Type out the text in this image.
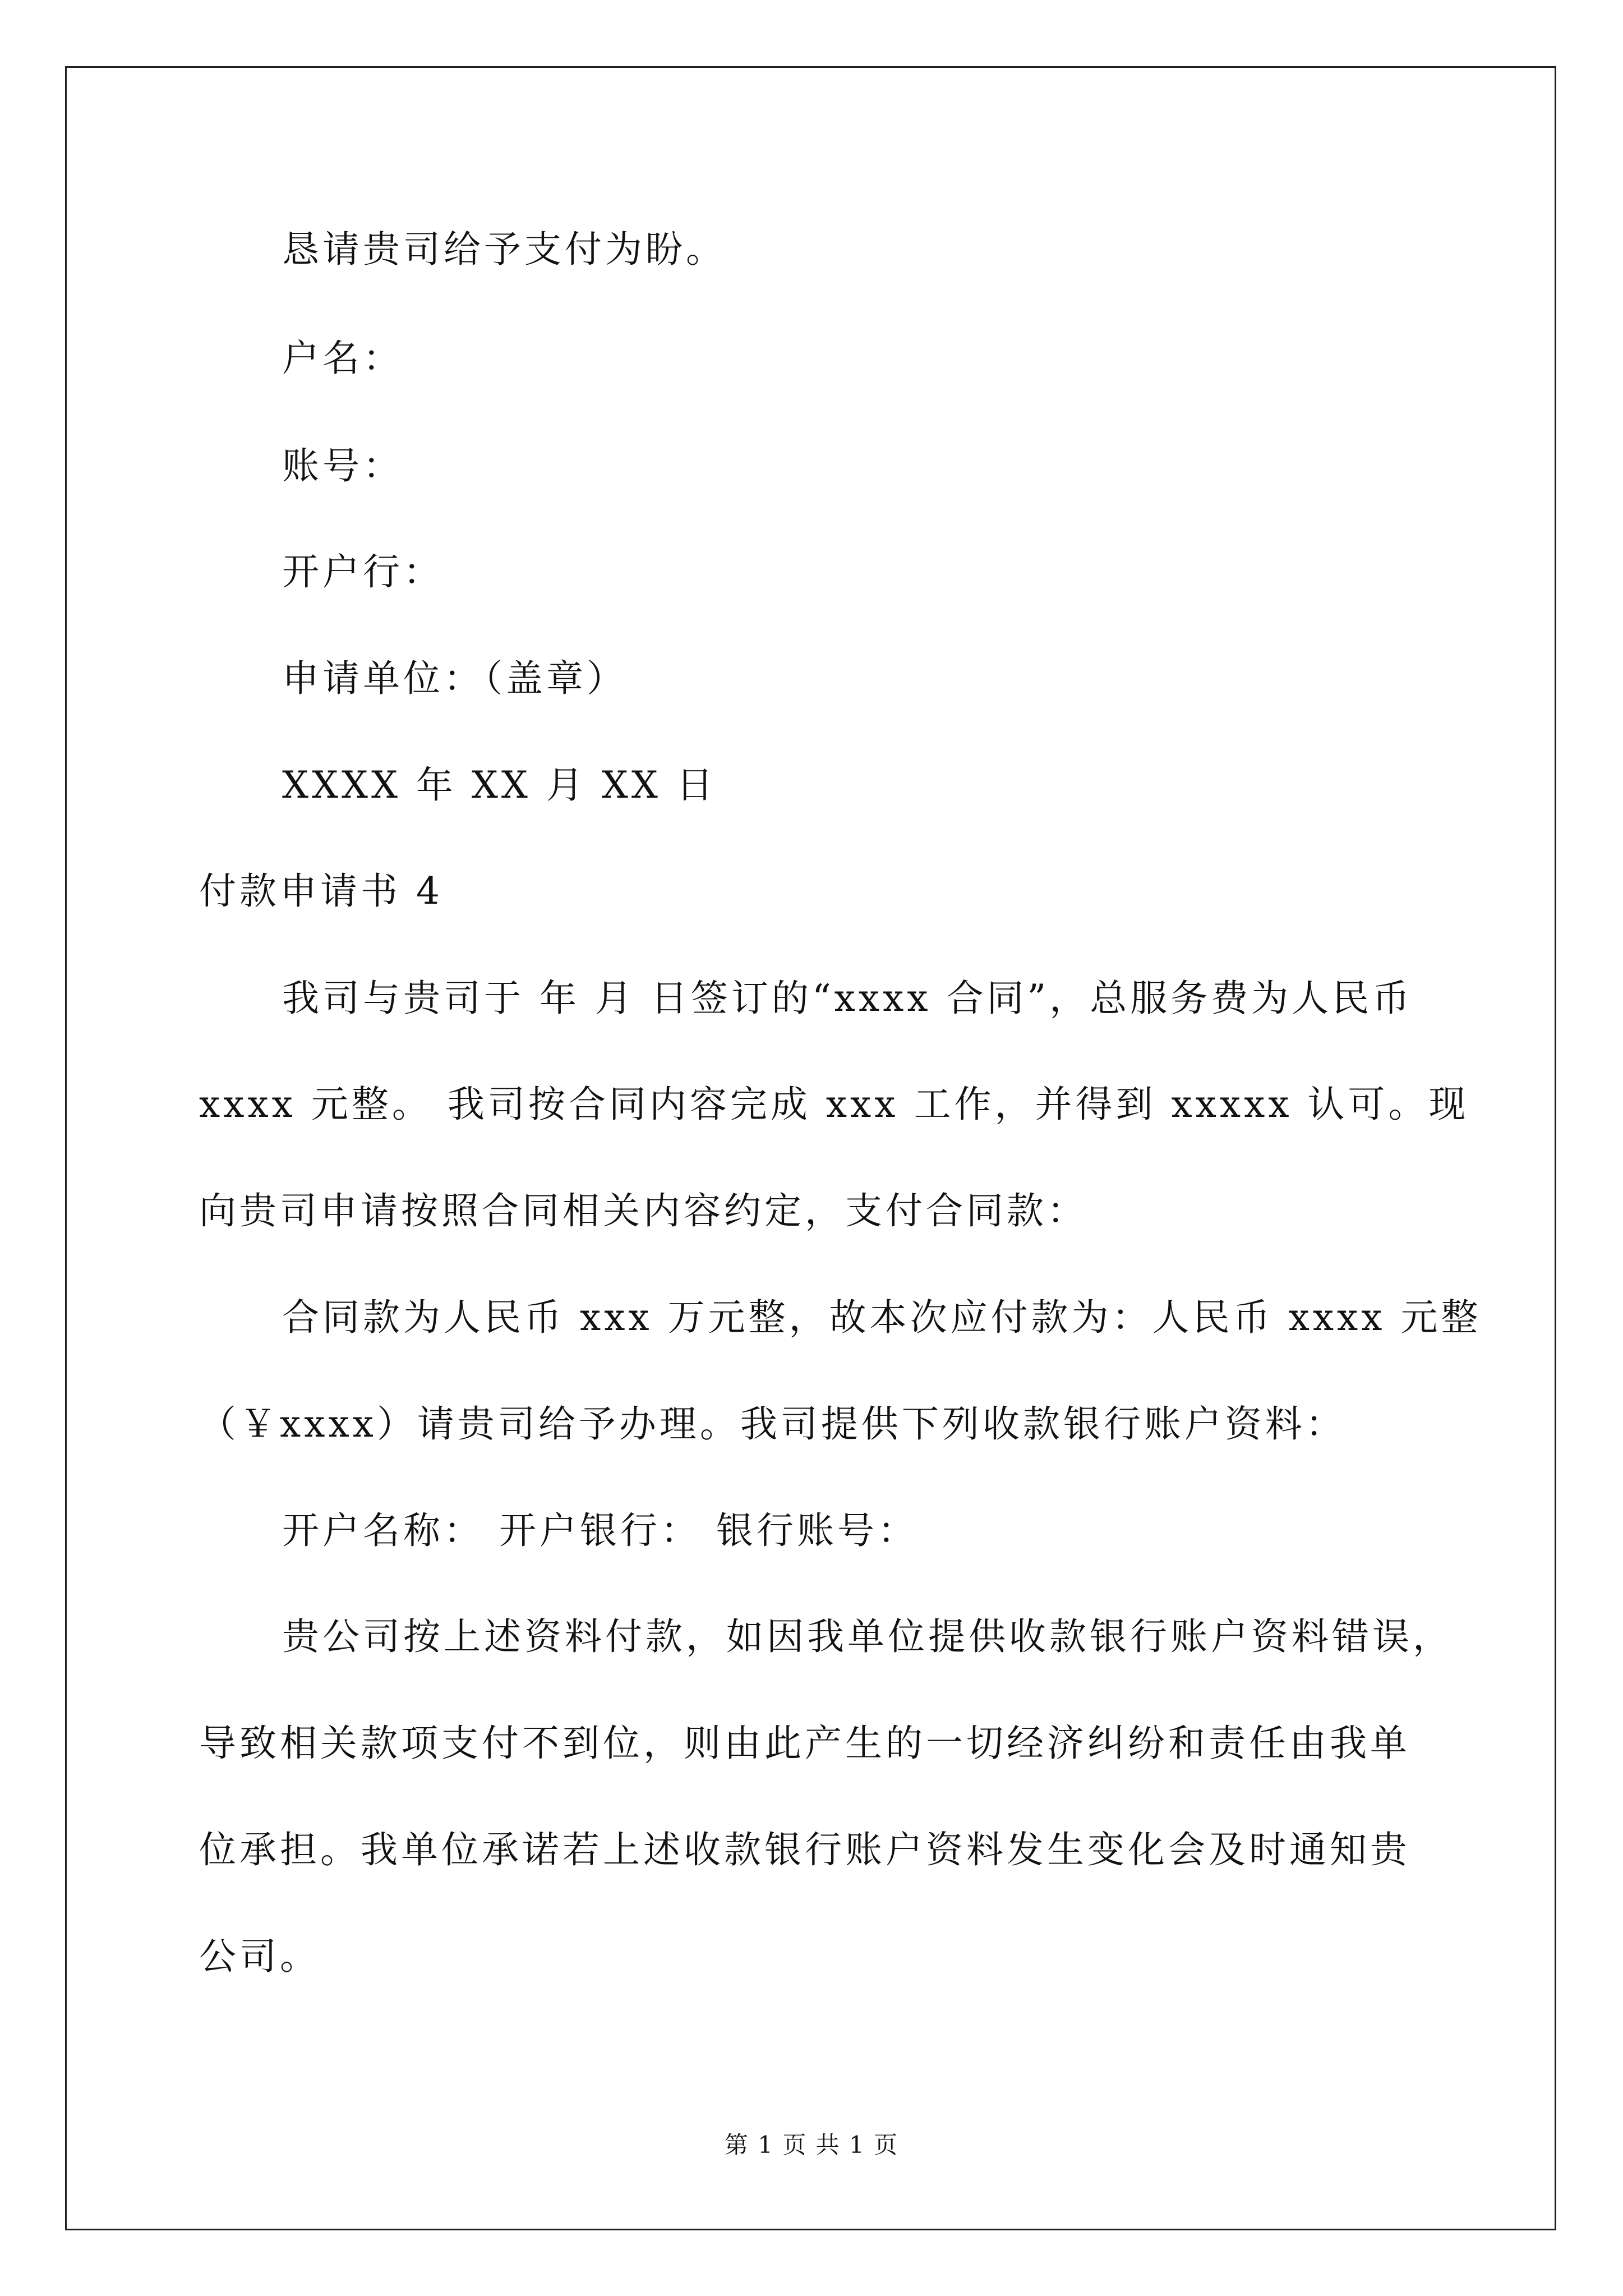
恳请贵司给予支付为盼。
户名：
账号：
开户行：
申请单位：（盖章）
XXXX 年 XX 月 XX 日
付款申请书 4
我司与贵司于 年 月 日签订的“xxxx 合同”，总服务费为人民币
xxxx 元整。 我司按合同内容完成 xxx 工作，并得到 xxxxx 认可。现
向贵司申请按照合同相关内容约定，支付合同款：
合同款为人民币 xxx 万元整，故本次应付款为：人民币 xxxx 元整
（￥xxxx）请贵司给予办理。我司提供下列收款银行账户资料：
开户名称： 开户银行： 银行账号：
贵公司按上述资料付款，如因我单位提供收款银行账户资料错误，
导致相关款项支付不到位，则由此产生的一切经济纠纷和责任由我单
位承担。我单位承诺若上述收款银行账户资料发生变化会及时通知贵
公司。
第 1 页 共 1 页
